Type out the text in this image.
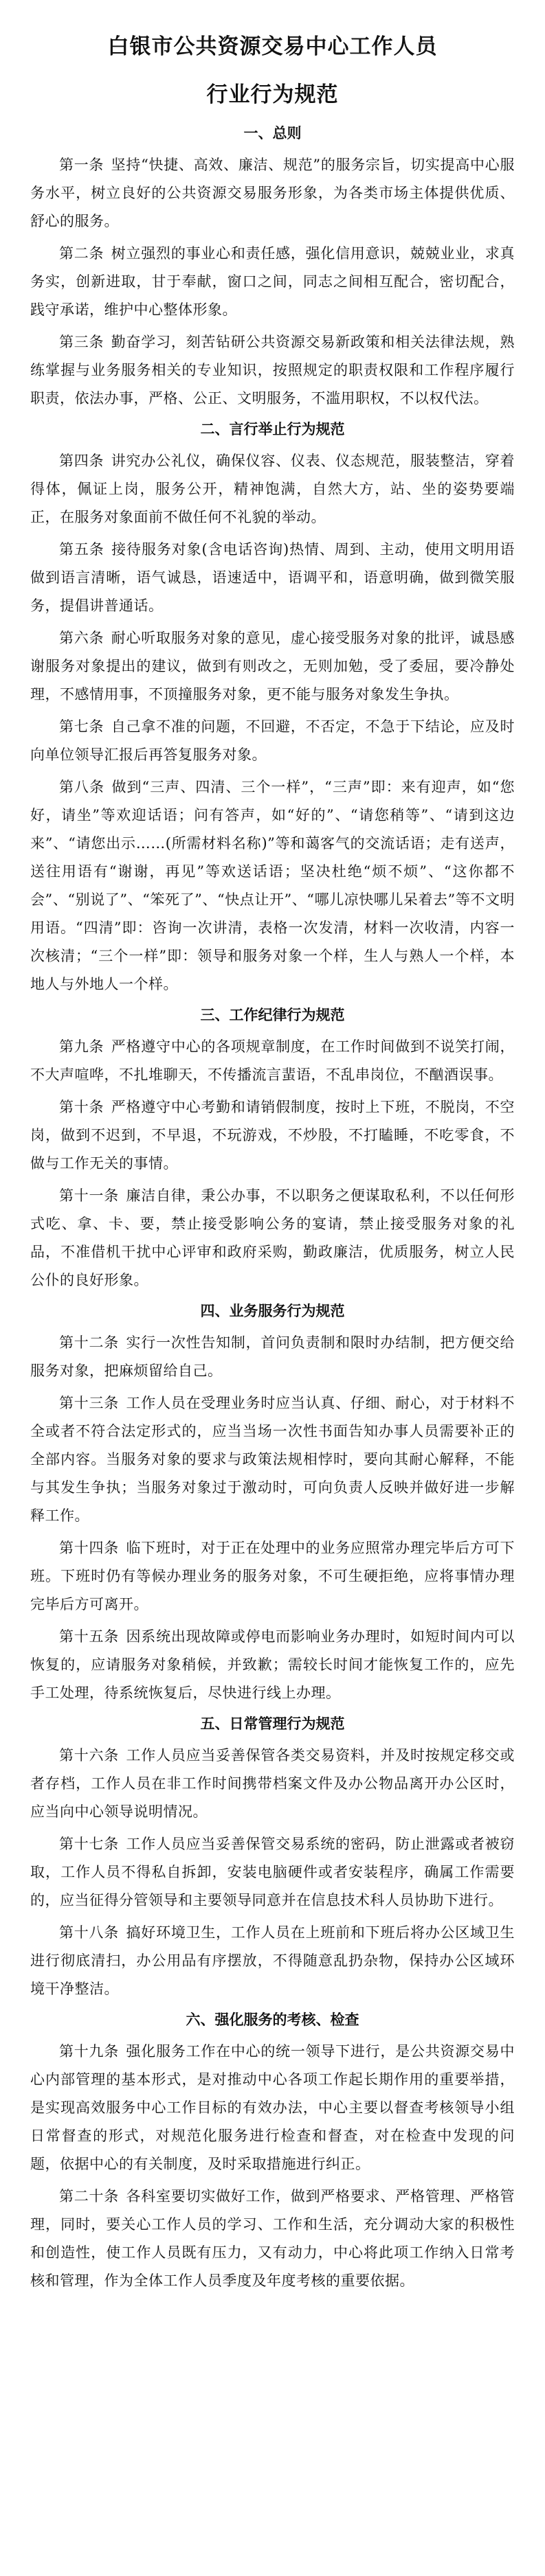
白银市公共资源交易中心工作人员
行业行为规范
一、总则

第一条 坚持“快捷、高效、廉洁、规范”的服务宗旨，切实提高中心服务水平，树立良好的公共资源交易服务形象，为各类市场主体提供优质、舒心的服务。

第二条 树立强烈的事业心和责任感，强化信用意识，兢兢业业，求真务实，创新进取，甘于奉献，窗口之间，同志之间相互配合，密切配合，践守承诺，维护中心整体形象。

第三条 勤奋学习，刻苦钻研公共资源交易新政策和相关法律法规，熟练掌握与业务服务相关的专业知识，按照规定的职责权限和工作程序履行职责，依法办事，严格、公正、文明服务，不滥用职权，不以权代法。

二、言行举止行为规范

第四条 讲究办公礼仪，确保仪容、仪表、仪态规范，服装整洁，穿着得体，佩证上岗，服务公开，精神饱满，自然大方，站、坐的姿势要端正，在服务对象面前不做任何不礼貌的举动。

第五条 接待服务对象(含电话咨询)热情、周到、主动，使用文明用语做到语言清晰，语气诚恳，语速适中，语调平和，语意明确，做到微笑服务，提倡讲普通话。

第六条 耐心听取服务对象的意见，虚心接受服务对象的批评，诚恳感谢服务对象提出的建议，做到有则改之，无则加勉，受了委屈，要冷静处理，不感情用事，不顶撞服务对象，更不能与服务对象发生争执。

第七条 自己拿不准的问题，不回避，不否定，不急于下结论，应及时向单位领导汇报后再答复服务对象。

第八条 做到“三声、四清、三个一样”，“三声”即：来有迎声，如“您好，请坐”等欢迎话语；问有答声，如“好的”、“请您稍等”、“请到这边来”、“请您出示……(所需材料名称)”等和蔼客气的交流话语；走有送声，送往用语有“谢谢，再见”等欢送话语；坚决杜绝“烦不烦”、“这你都不会”、“别说了”、“笨死了”、“快点让开”、“哪儿凉快哪儿呆着去”等不文明用语。“四清”即：咨询一次讲清，表格一次发清，材料一次收清，内容一次核清；“三个一样”即：领导和服务对象一个样，生人与熟人一个样，本地人与外地人一个样。

三、工作纪律行为规范

第九条 严格遵守中心的各项规章制度，在工作时间做到不说笑打闹，不大声喧哗，不扎堆聊天，不传播流言蜚语，不乱串岗位，不酗酒误事。

第十条 严格遵守中心考勤和请销假制度，按时上下班，不脱岗，不空岗，做到不迟到，不早退，不玩游戏，不炒股，不打瞌睡，不吃零食，不做与工作无关的事情。

第十一条 廉洁自律，秉公办事，不以职务之便谋取私利，不以任何形式吃、拿、卡、要，禁止接受影响公务的宴请，禁止接受服务对象的礼品，不准借机干扰中心评审和政府采购，勤政廉洁，优质服务，树立人民公仆的良好形象。

四、业务服务行为规范

第十二条 实行一次性告知制，首问负责制和限时办结制，把方便交给服务对象，把麻烦留给自己。

第十三条 工作人员在受理业务时应当认真、仔细、耐心，对于材料不全或者不符合法定形式的，应当当场一次性书面告知办事人员需要补正的全部内容。当服务对象的要求与政策法规相悖时，要向其耐心解释，不能与其发生争执；当服务对象过于激动时，可向负责人反映并做好进一步解释工作。

第十四条 临下班时，对于正在处理中的业务应照常办理完毕后方可下班。下班时仍有等候办理业务的服务对象，不可生硬拒绝，应将事情办理完毕后方可离开。

第十五条 因系统出现故障或停电而影响业务办理时，如短时间内可以恢复的，应请服务对象稍候，并致歉；需较长时间才能恢复工作的，应先手工处理，待系统恢复后，尽快进行线上办理。

五、日常管理行为规范

第十六条 工作人员应当妥善保管各类交易资料，并及时按规定移交或者存档，工作人员在非工作时间携带档案文件及办公物品离开办公区时，应当向中心领导说明情况。

第十七条 工作人员应当妥善保管交易系统的密码，防止泄露或者被窃取，工作人员不得私自拆卸，安装电脑硬件或者安装程序，确属工作需要的，应当征得分管领导和主要领导同意并在信息技术科人员协助下进行。

第十八条 搞好环境卫生，工作人员在上班前和下班后将办公区域卫生进行彻底清扫，办公用品有序摆放，不得随意乱扔杂物，保持办公区域环境干净整洁。

六、强化服务的考核、检查

第十九条 强化服务工作在中心的统一领导下进行，是公共资源交易中心内部管理的基本形式，是对推动中心各项工作起长期作用的重要举措，是实现高效服务中心工作目标的有效办法，中心主要以督查考核领导小组日常督查的形式，对规范化服务进行检查和督查，对在检查中发现的问题，依据中心的有关制度，及时采取措施进行纠正。

第二十条 各科室要切实做好工作，做到严格要求、严格管理、严格管理，同时，要关心工作人员的学习、工作和生活，充分调动大家的积极性和创造性，使工作人员既有压力，又有动力，中心将此项工作纳入日常考核和管理，作为全体工作人员季度及年度考核的重要依据。
